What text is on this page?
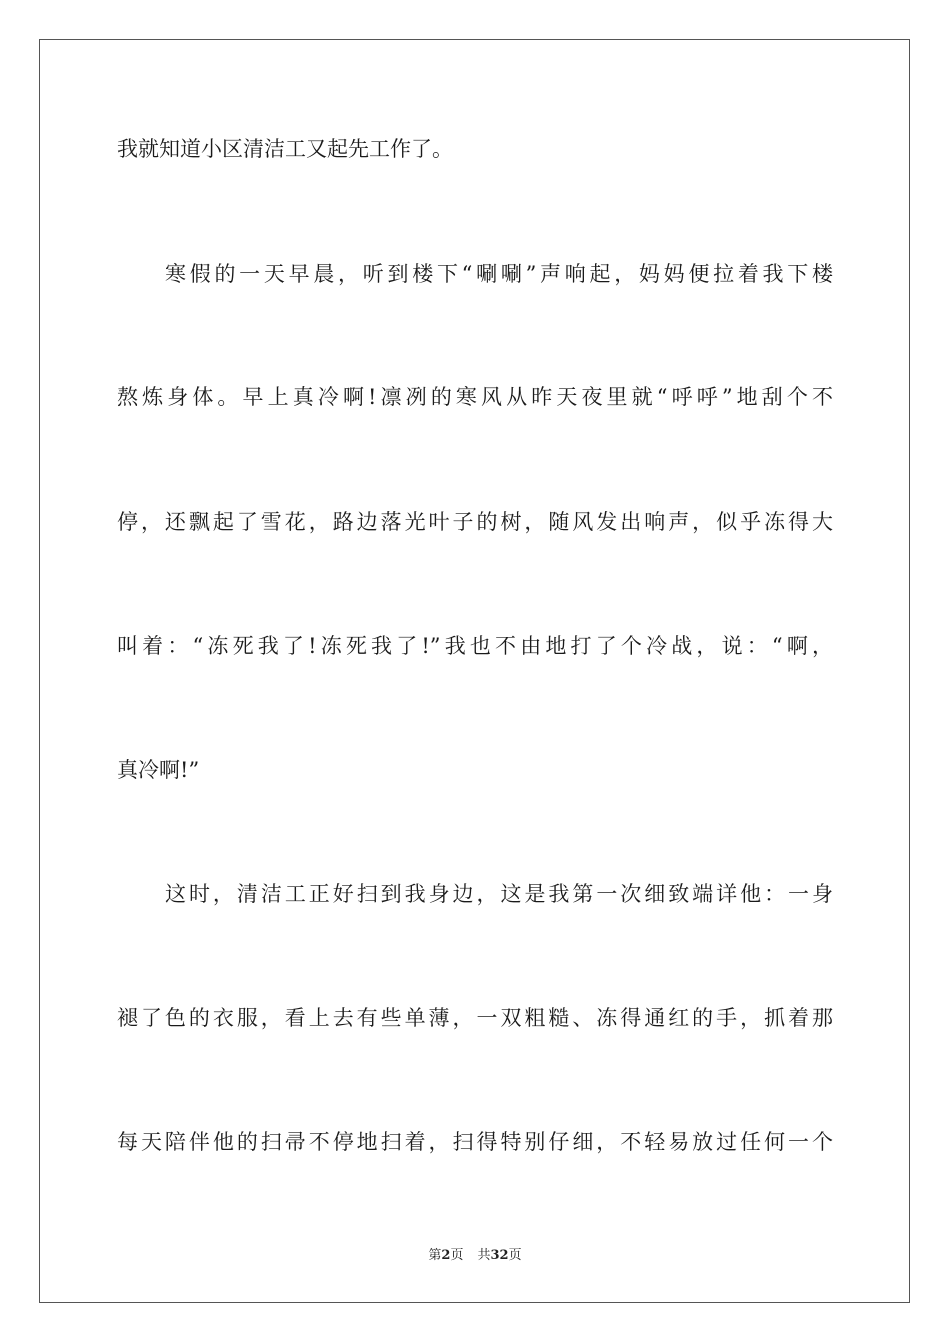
我就知道小区清洁工又起先工作了。
寒假的一天早晨，听到楼下“唰唰”声响起，妈妈便拉着我下楼
熬炼身体。早上真冷啊!凛冽的寒风从昨天夜里就“呼呼”地刮个不
停，还飘起了雪花，路边落光叶子的树，随风发出响声，似乎冻得大
叫着：“冻死我了!冻死我了!”我也不由地打了个冷战，说：“啊，
真冷啊!”
这时，清洁工正好扫到我身边，这是我第一次细致端详他：一身
褪了色的衣服，看上去有些单薄，一双粗糙、冻得通红的手，抓着那
每天陪伴他的扫帚不停地扫着，扫得特别仔细，不轻易放过任何一个
第2页 共32页
